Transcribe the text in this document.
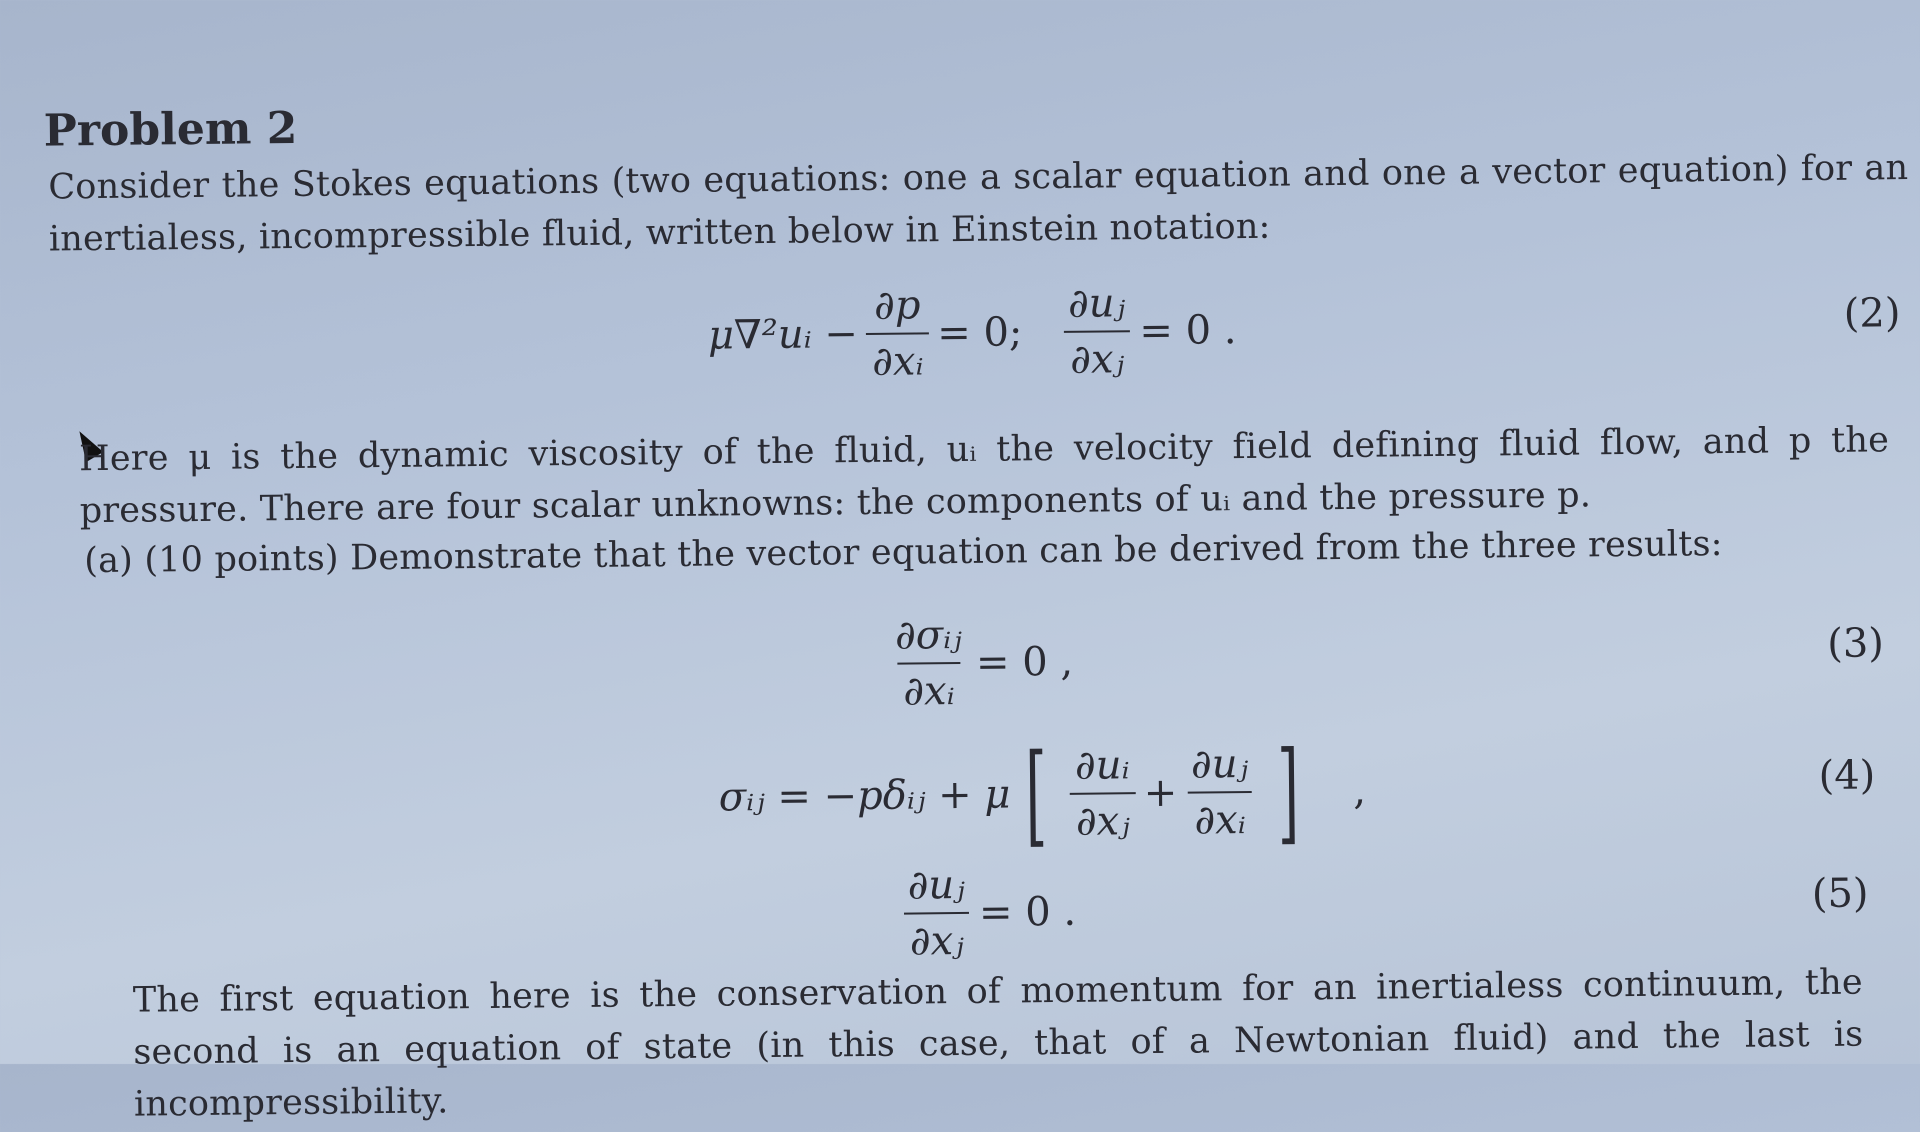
Problem 2
Consider the Stokes equations (two equations: one a scalar equation and one a vector equation) for an inertialess, incompressible fluid, written below in Einstein notation:
μ∇²uᵢ − $\frac{\partial p}{\text{∂xᵢ}} = 0$; $\frac{\text{∂uⱼ}}{\text{∂xⱼ}} = 0$ .	(2)
Here μ is the dynamic viscosity of the fluid, uᵢ the velocity field defining fluid flow, and p the pressure. There are four scalar unknowns: the components of uᵢ and the pressure p.
(a) (10 points) Demonstrate that the vector equation can be derived from the three results:
$\frac{\text{∂σᵢⱼ}}{\text{∂xᵢ}} = 0$ ,	(3)
σᵢⱼ = −pδᵢⱼ + μ [ $\frac{\text{∂uᵢ}}{\text{∂xⱼ}} + \frac{\text{∂uⱼ}}{\text{∂xᵢ}}$ ] ,	(4)
$\frac{\text{∂uⱼ}}{\text{∂xⱼ}} = 0$ .	(5)
The first equation here is the conservation of momentum for an inertialess continuum, the second is an equation of state (in this case, that of a Newtonian fluid) and the last is incompressibility.
